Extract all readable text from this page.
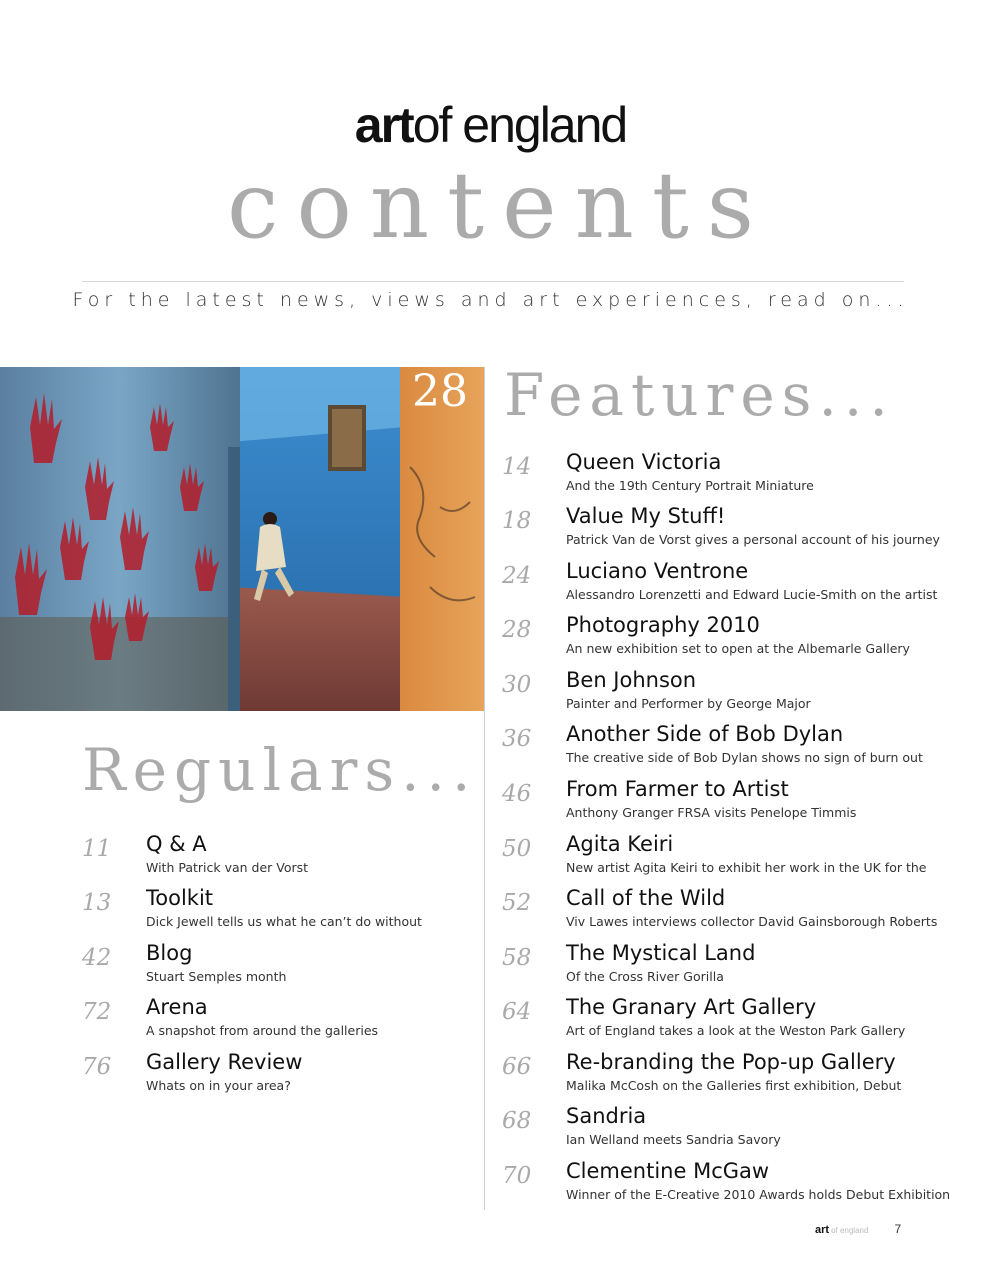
artof england
contents
For the latest news, views and art experiences, read on...
28 Features...
14 Queen Victoria
And the 19th Century Portrait Miniature
18 Value My Stuff!
Patrick Van de Vorst gives a personal account of his journey
24 Luciano Ventrone
Alessandro Lorenzetti and Edward Lucie-Smith on the artist
28 Photography 2010
An new exhibition set to open at the Albemarle Gallery
30 Ben Johnson
Painter and Performer by George Major
36 Another Side of Bob Dylan
The creative side of Bob Dylan shows no sign of burn out
46 From Farmer to Artist
Anthony Granger FRSA visits Penelope Timmis
50 Agita Keiri
New artist Agita Keiri to exhibit her work in the UK for the
52 Call of the Wild
Viv Lawes interviews collector David Gainsborough Roberts
58 The Mystical Land
Of the Cross River Gorilla
64 The Granary Art Gallery
Art of England takes a look at the Weston Park Gallery
66 Re-branding the Pop-up Gallery
Malika McCosh on the Galleries first exhibition, Debut
68 Sandria
Ian Welland meets Sandria Savory
70 Clementine McGaw
Winner of the E-Creative 2010 Awards holds Debut Exhibition
Regulars...
11 Q & A
With Patrick van der Vorst
13 Toolkit
Dick Jewell tells us what he can’t do without
42 Blog
Stuart Semples month
72 Arena
A snapshot from around the galleries
76 Gallery Review
Whats on in your area?
art of england 7
